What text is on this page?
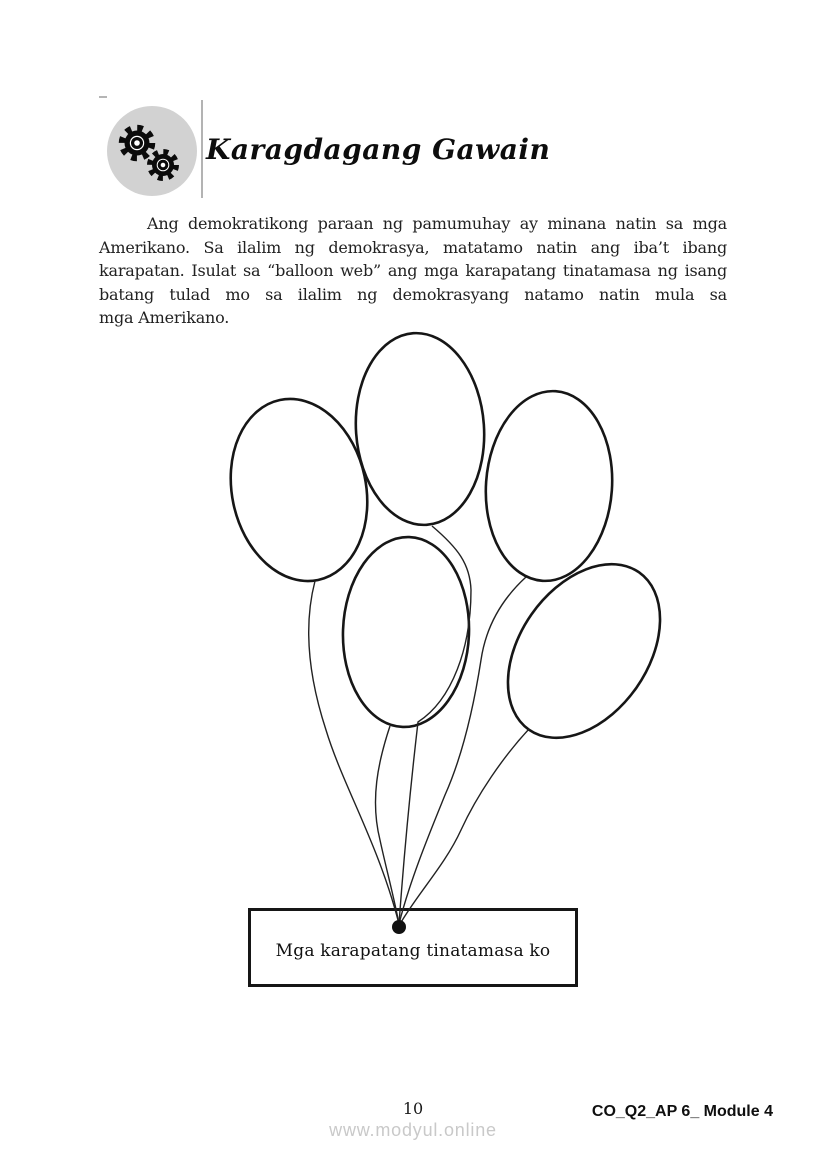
Karagdagang Gawain
Ang demokratikong paraan ng pamumuhay ay minana natin sa mga
Amerikano. Sa ilalim ng demokrasya, matatamo natin ang iba’t ibang
karapatan. Isulat sa “balloon web” ang mga karapatang tinatamasa ng isang
batang tulad mo sa ilalim ng demokrasyang natamo natin mula sa
mga Amerikano.
Mga karapatang tinatamasa ko
10
www.modyul.online
CO_Q2_AP 6_ Module 4
